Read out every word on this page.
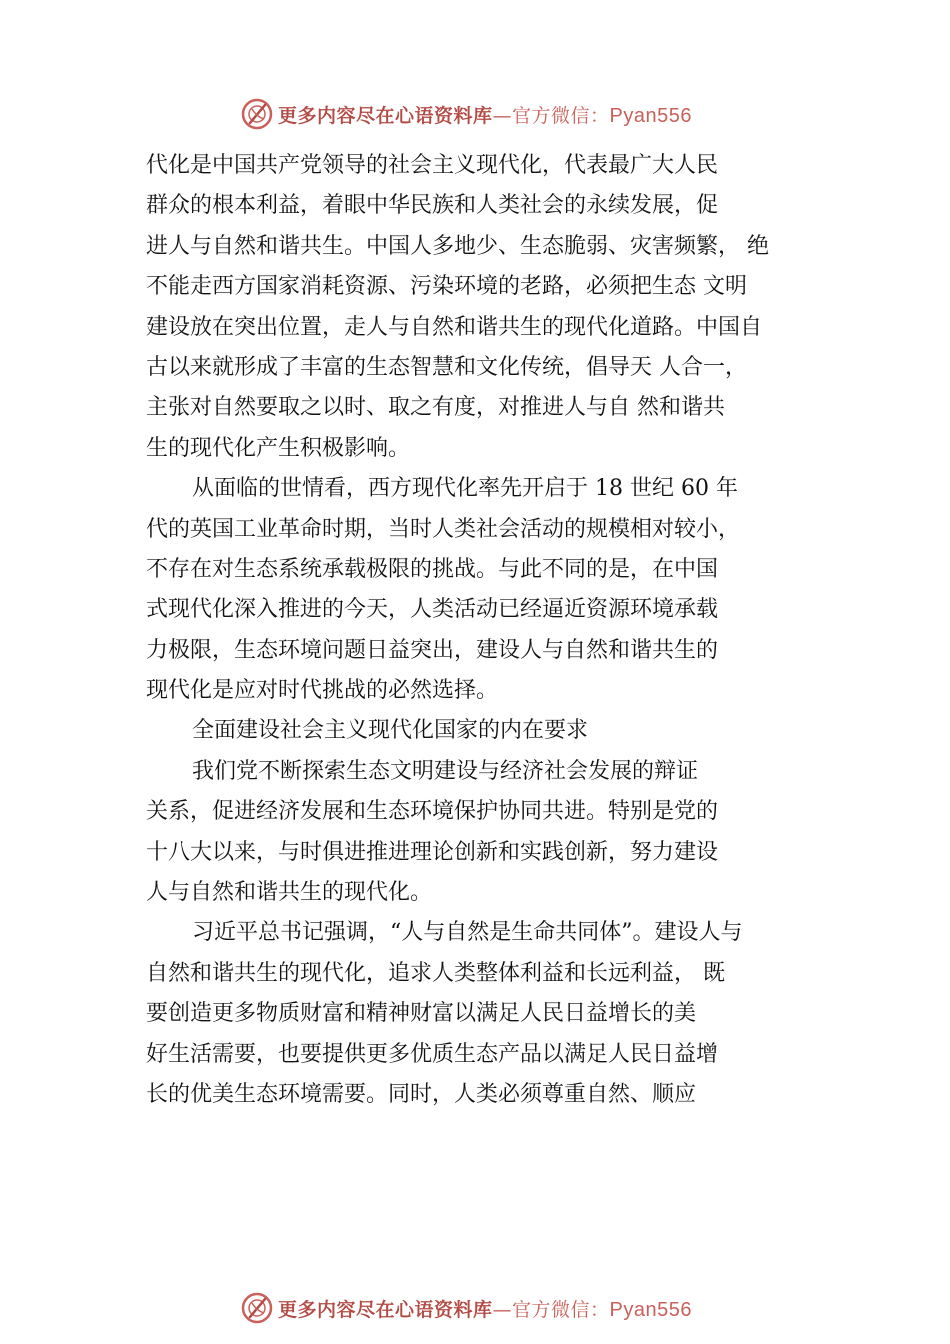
更多内容尽在心语资料库—官方微信：Pyan556
代化是中国共产党领导的社会主义现代化，代表最广大人民
群众的根本利益，着眼中华民族和人类社会的永续发展，促
进人与自然和谐共生。中国人多地少、生态脆弱、灾害频繁， 绝
不能走西方国家消耗资源、污染环境的老路，必须把生态 文明
建设放在突出位置，走人与自然和谐共生的现代化道路。中国自
古以来就形成了丰富的生态智慧和文化传统，倡导天 人合一，
主张对自然要取之以时、取之有度，对推进人与自 然和谐共
生的现代化产生积极影响。
从面临的世情看，西方现代化率先开启于 18 世纪 60 年
代的英国工业革命时期，当时人类社会活动的规模相对较小，
不存在对生态系统承载极限的挑战。与此不同的是，在中国
式现代化深入推进的今天，人类活动已经逼近资源环境承载
力极限，生态环境问题日益突出，建设人与自然和谐共生的
现代化是应对时代挑战的必然选择。
全面建设社会主义现代化国家的内在要求
我们党不断探索生态文明建设与经济社会发展的辩证
关系，促进经济发展和生态环境保护协同共进。特别是党的
十八大以来，与时俱进推进理论创新和实践创新，努力建设
人与自然和谐共生的现代化。
习近平总书记强调，“人与自然是生命共同体”。建设人与
自然和谐共生的现代化，追求人类整体利益和长远利益， 既
要创造更多物质财富和精神财富以满足人民日益增长的美
好生活需要，也要提供更多优质生态产品以满足人民日益增
长的优美生态环境需要。同时，人类必须尊重自然、顺应
更多内容尽在心语资料库—官方微信：Pyan556
